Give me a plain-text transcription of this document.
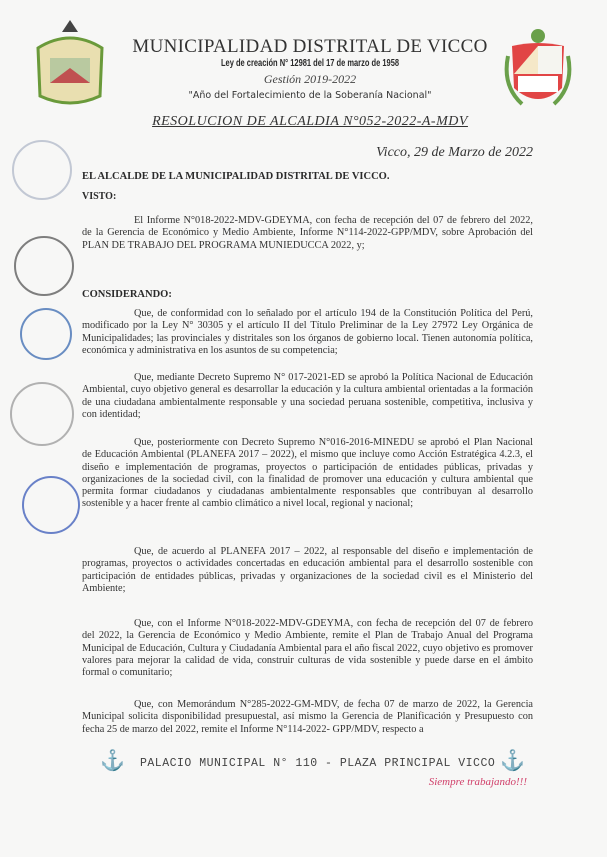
MUNICIPALIDAD DISTRITAL DE VICCO
Ley de creación N° 12981 del 17 de marzo de 1958
Gestión 2019-2022
"Año del Fortalecimiento de la Soberanía Nacional"
RESOLUCION DE ALCALDIA N°052-2022-A-MDV
Vicco, 29 de Marzo de 2022
EL ALCALDE DE LA MUNICIPALIDAD DISTRITAL DE VICCO.
VISTO:
El Informe N°018-2022-MDV-GDEYMA, con fecha de recepción del 07 de febrero del 2022, de la Gerencia de Económico y Medio Ambiente, Informe N°114-2022-GPP/MDV, sobre Aprobación del PLAN DE TRABAJO DEL PROGRAMA MUNIEDUCCA 2022, y;
CONSIDERANDO:
Que, de conformidad con lo señalado por el artículo 194 de la Constitución Política del Perú, modificado por la Ley N° 30305 y el artículo II del Título Preliminar de la Ley 27972 Ley Orgánica de Municipalidades; las provinciales y distritales son los órganos de gobierno local. Tienen autonomía política, económica y administrativa en los asuntos de su competencia;
Que, mediante Decreto Supremo N° 017-2021-ED se aprobó la Política Nacional de Educación Ambiental, cuyo objetivo general es desarrollar la educación y la cultura ambiental orientadas a la formación de una ciudadana ambientalmente responsable y una sociedad peruana sostenible, competitiva, inclusiva y con identidad;
Que, posteriormente con Decreto Supremo N°016-2016-MINEDU se aprobó el Plan Nacional de Educación Ambiental (PLANEFA 2017 – 2022), el mismo que incluye como Acción Estratégica 4.2.3, el diseño e implementación de programas, proyectos o participación de entidades públicas, privadas y organizaciones de la sociedad civil, con la finalidad de promover una educación y cultura ambiental que permita formar ciudadanos y ciudadanas ambientalmente responsables que contribuyan al desarrollo sostenible y a hacer frente al cambio climático a nivel local, regional y nacional;
Que, de acuerdo al PLANEFA 2017 – 2022, al responsable del diseño e implementación de programas, proyectos o actividades concertadas en educación ambiental para el desarrollo sostenible con participación de entidades públicas, privadas y organizaciones de la sociedad civil es el Ministerio del Ambiente;
Que, con el Informe N°018-2022-MDV-GDEYMA, con fecha de recepción del 07 de febrero del 2022, la Gerencia de Económico y Medio Ambiente, remite el Plan de Trabajo Anual del Programa Municipal de Educación, Cultura y Ciudadanía Ambiental para el año fiscal 2022, cuyo objetivo es promover valores para mejorar la calidad de vida, construir culturas de vida sostenible y puede darse en el ámbito formal o comunitario;
Que, con Memorándum N°285-2022-GM-MDV, de fecha 07 de marzo de 2022, la Gerencia Municipal solicita disponibilidad presupuestal, así mismo la Gerencia de Planificación y Presupuesto con fecha 25 de marzo del 2022, remite el Informe N°114-2022- GPP/MDV, respecto a
⚓ PALACIO MUNICIPAL N° 110 - PLAZA PRINCIPAL VICCO ⚓
Siempre trabajando!!!
